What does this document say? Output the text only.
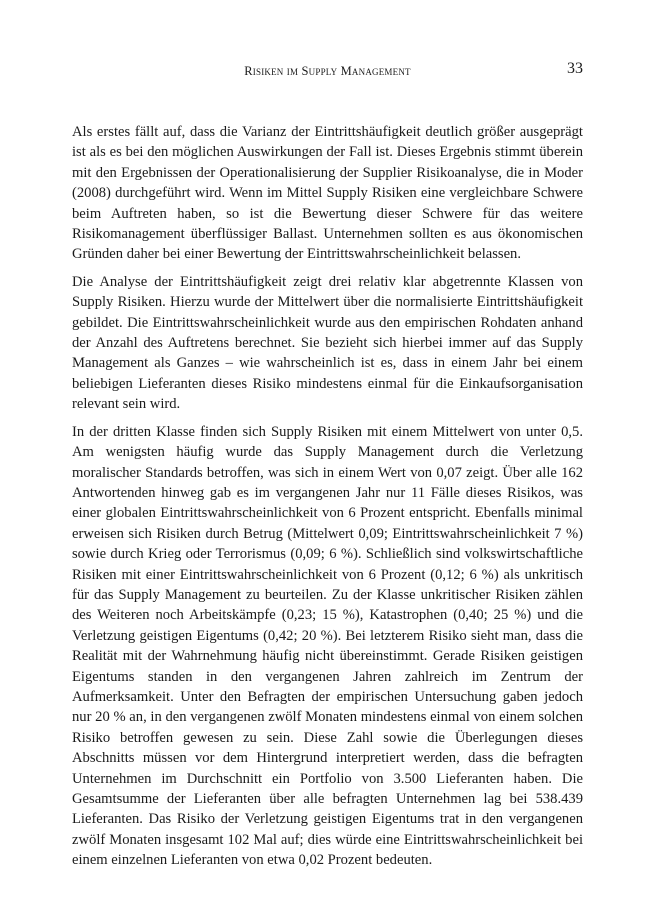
Risiken im Supply Management	33

Als erstes fällt auf, dass die Varianz der Eintrittshäufigkeit deutlich größer ausgeprägt ist als es bei den möglichen Auswirkungen der Fall ist. Dieses Ergebnis stimmt überein mit den Ergebnissen der Operationalisierung der Supplier Risikoanalyse, die in Moder (2008) durchgeführt wird. Wenn im Mittel Supply Risiken eine vergleichbare Schwere beim Auftreten haben, so ist die Bewertung dieser Schwere für das weitere Risikomanagement überflüssiger Ballast. Unternehmen sollten es aus ökonomischen Gründen daher bei einer Bewertung der Eintrittswahrscheinlichkeit belassen.

Die Analyse der Eintrittshäufigkeit zeigt drei relativ klar abgetrennte Klassen von Supply Risiken. Hierzu wurde der Mittelwert über die normalisierte Eintrittshäufigkeit gebildet. Die Eintrittswahrscheinlichkeit wurde aus den empirischen Rohdaten anhand der Anzahl des Auftretens berechnet. Sie bezieht sich hierbei immer auf das Supply Management als Ganzes – wie wahrscheinlich ist es, dass in einem Jahr bei einem beliebigen Lieferanten dieses Risiko mindestens einmal für die Einkaufsorganisation relevant sein wird.

In der dritten Klasse finden sich Supply Risiken mit einem Mittelwert von unter 0,5. Am wenigsten häufig wurde das Supply Management durch die Verletzung moralischer Standards betroffen, was sich in einem Wert von 0,07 zeigt. Über alle 162 Antwortenden hinweg gab es im vergangenen Jahr nur 11 Fälle dieses Risikos, was einer globalen Eintrittswahrscheinlichkeit von 6 Prozent entspricht. Ebenfalls minimal erweisen sich Risiken durch Betrug (Mittelwert 0,09; Eintrittswahrscheinlichkeit 7 %) sowie durch Krieg oder Terrorismus (0,09; 6 %). Schließlich sind volkswirtschaftliche Risiken mit einer Eintrittswahrscheinlichkeit von 6 Prozent (0,12; 6 %) als unkritisch für das Supply Management zu beurteilen. Zu der Klasse unkritischer Risiken zählen des Weiteren noch Arbeitskämpfe (0,23; 15 %), Katastrophen (0,40; 25 %) und die Verletzung geistigen Eigentums (0,42; 20 %). Bei letzterem Risiko sieht man, dass die Realität mit der Wahrnehmung häufig nicht übereinstimmt. Gerade Risiken geistigen Eigentums standen in den vergangenen Jahren zahlreich im Zentrum der Aufmerksamkeit. Unter den Befragten der empirischen Untersuchung gaben jedoch nur 20 % an, in den vergangenen zwölf Monaten mindestens einmal von einem solchen Risiko betroffen gewesen zu sein. Diese Zahl sowie die Überlegungen dieses Abschnitts müssen vor dem Hintergrund interpretiert werden, dass die befragten Unternehmen im Durchschnitt ein Portfolio von 3.500 Lieferanten haben. Die Gesamtsumme der Lieferanten über alle befragten Unternehmen lag bei 538.439 Lieferanten. Das Risiko der Verletzung geistigen Eigentums trat in den vergangenen zwölf Monaten insgesamt 102 Mal auf; dies würde eine Eintrittswahrscheinlichkeit bei einem einzelnen Lieferanten von etwa 0,02 Prozent bedeuten.
